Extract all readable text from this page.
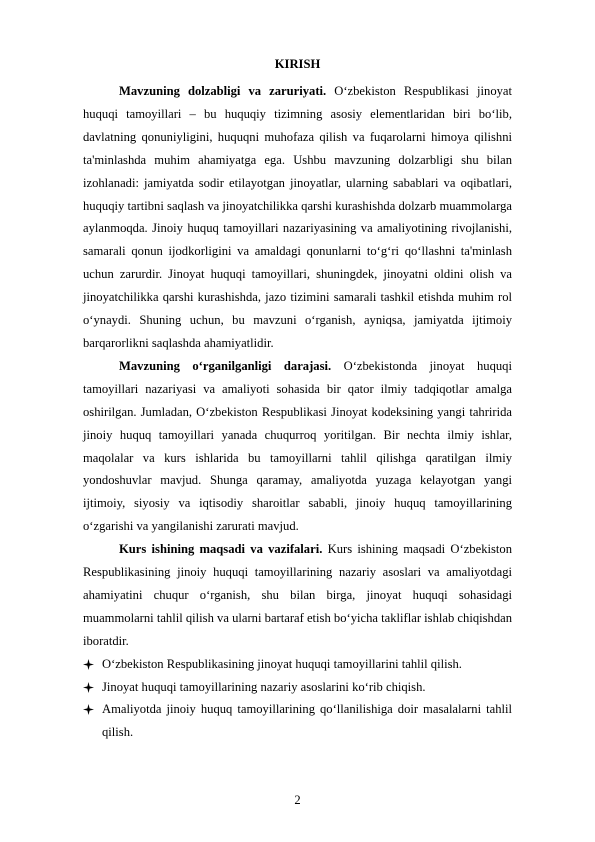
KIRISH

Mavzuning dolzabligi va zaruriyati. O‘zbekiston Respublikasi jinoyat huquqi tamoyillari – bu huquqiy tizimning asosiy elementlaridan biri bo‘lib, davlatning qonuniyligini, huquqni muhofaza qilish va fuqarolarni himoya qilishni ta'minlashda muhim ahamiyatga ega. Ushbu mavzuning dolzarbligi shu bilan izohlanadi: jamiyatda sodir etilayotgan jinoyatlar, ularning sabablari va oqibatlari, huquqiy tartibni saqlash va jinoyatchilikka qarshi kurashishda dolzarb muammolarga aylanmoqda. Jinoiy huquq tamoyillari nazariyasining va amaliyotining rivojlanishi, samarali qonun ijodkorligini va amaldagi qonunlarni to‘g‘ri qo‘llashni ta'minlash uchun zarurdir. Jinoyat huquqi tamoyillari, shuningdek, jinoyatni oldini olish va jinoyatchilikka qarshi kurashishda, jazo tizimini samarali tashkil etishda muhim rol o‘ynaydi. Shuning uchun, bu mavzuni o‘rganish, ayniqsa, jamiyatda ijtimoiy barqarorlikni saqlashda ahamiyatlidir.

Mavzuning o‘rganilganligi darajasi. O‘zbekistonda jinoyat huquqi tamoyillari nazariyasi va amaliyoti sohasida bir qator ilmiy tadqiqotlar amalga oshirilgan. Jumladan, O‘zbekiston Respublikasi Jinoyat kodeksining yangi tahririda jinoiy huquq tamoyillari yanada chuqurroq yoritilgan. Bir nechta ilmiy ishlar, maqolalar va kurs ishlarida bu tamoyillarni tahlil qilishga qaratilgan ilmiy yondoshuvlar mavjud. Shunga qaramay, amaliyotda yuzaga kelayotgan yangi ijtimoiy, siyosiy va iqtisodiy sharoitlar sababli, jinoiy huquq tamoyillarining o‘zgarishi va yangilanishi zarurati mavjud.

Kurs ishining maqsadi va vazifalari. Kurs ishining maqsadi O‘zbekiston Respublikasining jinoiy huquqi tamoyillarining nazariy asoslari va amaliyotdagi ahamiyatini chuqur o‘rganish, shu bilan birga, jinoyat huquqi sohasidagi muammolarni tahlil qilish va ularni bartaraf etish bo‘yicha takliflar ishlab chiqishdan iboratdir.

O‘zbekiston Respublikasining jinoyat huquqi tamoyillarini tahlil qilish.
Jinoyat huquqi tamoyillarining nazariy asoslarini ko‘rib chiqish.
Amaliyotda jinoiy huquq tamoyillarining qo‘llanilishiga doir masalalarni tahlil qilish.
2
